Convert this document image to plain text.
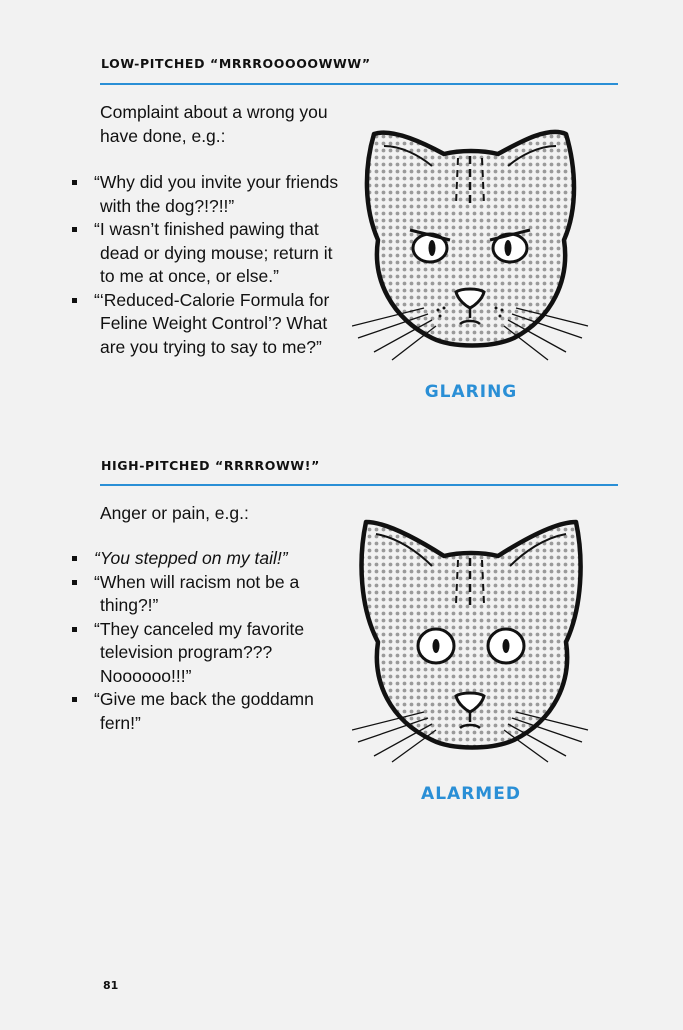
LOW-PITCHED “MRRROOOOOWWW”
Complaint about a wrong you have done, e.g.:
“Why did you invite your friends with the dog?!?!!”
“I wasn’t finished pawing that dead or dying mouse; return it to me at once, or else.”
“‘Reduced-Calorie Formula for Feline Weight Control’? What are you trying to say to me?”
GLARING
HIGH-PITCHED “RRRROWW!”
Anger or pain, e.g.:
“You stepped on my tail!”
“When will racism not be a thing?!”
“They canceled my favorite television program??? Noooooo!!!”
“Give me back the goddamn fern!”
ALARMED
81
